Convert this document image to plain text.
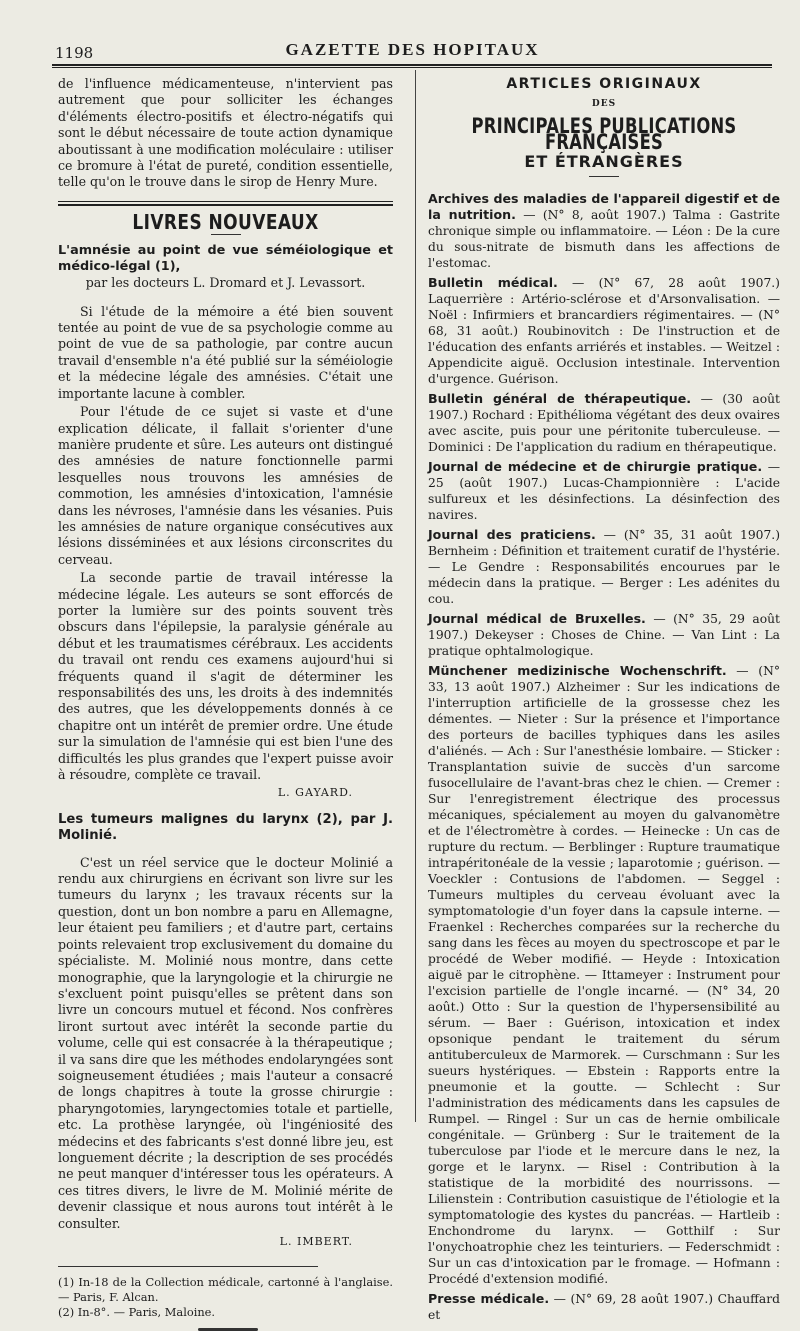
1198	GAZETTE DES HOPITAUX

de l'influence médicamenteuse, n'intervient pas autrement que pour solliciter les échanges d'éléments électro-positifs et électro-négatifs qui sont le début nécessaire de toute action dynamique aboutissant à une modification moléculaire : utiliser ce bromure à l'état de pureté, condition essentielle, telle qu'on le trouve dans le sirop de Henry Mure.

LIVRES NOUVEAUX
L'amnésie au point de vue séméiologique et médico-légal (1),
par les docteurs L. Dromard et J. Levassort.

Si l'étude de la mémoire a été bien souvent tentée au point de vue de sa psychologie comme au point de vue de sa pathologie, par contre aucun travail d'ensemble n'a été publié sur la séméiologie et la médecine légale des amnésies. C'était une importante lacune à combler.

Pour l'étude de ce sujet si vaste et d'une explication délicate, il fallait s'orienter d'une manière prudente et sûre. Les auteurs ont distingué des amnésies de nature fonctionnelle parmi lesquelles nous trouvons les amnésies de commotion, les amnésies d'intoxication, l'amnésie dans les névroses, l'amnésie dans les vésanies. Puis les amnésies de nature organique consécutives aux lésions disséminées et aux lésions circonscrites du cerveau.

La seconde partie de travail intéresse la médecine légale. Les auteurs se sont efforcés de porter la lumière sur des points souvent très obscurs dans l'épilepsie, la paralysie générale au début et les traumatismes cérébraux. Les accidents du travail ont rendu ces examens aujourd'hui si fréquents quand il s'agit de déterminer les responsabilités des uns, les droits à des indemnités des autres, que les développements donnés à ce chapitre ont un intérêt de premier ordre. Une étude sur la simulation de l'amnésie qui est bien l'une des difficultés les plus grandes que l'expert puisse avoir à résoudre, complète ce travail.

L. GAYARD.
Les tumeurs malignes du larynx (2), par J. Molinié.

C'est un réel service que le docteur Molinié a rendu aux chirurgiens en écrivant son livre sur les tumeurs du larynx ; les travaux récents sur la question, dont un bon nombre a paru en Allemagne, leur étaient peu familiers ; et d'autre part, certains points relevaient trop exclusivement du domaine du spécialiste. M. Molinié nous montre, dans cette monographie, que la laryngologie et la chirurgie ne s'excluent point puisqu'elles se prêtent dans son livre un concours mutuel et fécond. Nos confrères liront surtout avec intérêt la seconde partie du volume, celle qui est consacrée à la thérapeutique ; il va sans dire que les méthodes endolaryngées sont soigneusement étudiées ; mais l'auteur a consacré de longs chapitres à toute la grosse chirurgie : pharyngotomies, laryngectomies totale et partielle, etc. La prothèse laryngée, où l'ingéniosité des médecins et des fabricants s'est donné libre jeu, est longuement décrite ; la description de ses procédés ne peut manquer d'intéresser tous les opérateurs. A ces titres divers, le livre de M. Molinié mérite de devenir classique et nous aurons tout intérêt à le consulter.

L. IMBERT.

(1) In-18 de la Collection médicale, cartonné à l'anglaise. — Paris, F. Alcan.

(2) In-8°. — Paris, Maloine.

ARTICLES ORIGINAUX
DES
PRINCIPALES PUBLICATIONS FRANÇAISES
ET ÉTRANGÈRES

Archives des maladies de l'appareil digestif et de la nutrition. — (N° 8, août 1907.) Talma : Gastrite chronique simple ou inflammatoire. — Léon : De la cure du sous-nitrate de bismuth dans les affections de l'estomac.

Bulletin médical. — (N° 67, 28 août 1907.) Laquerrière : Artério-sclérose et d'Arsonvalisation. — Noël : Infirmiers et brancardiers régimentaires. — (N° 68, 31 août.) Roubinovitch : De l'instruction et de l'éducation des enfants arriérés et instables. — Weitzel : Appendicite aiguë. Occlusion intestinale. Intervention d'urgence. Guérison.

Bulletin général de thérapeutique. — (30 août 1907.) Rochard : Epithélioma végétant des deux ovaires avec ascite, puis pour une péritonite tuberculeuse. — Dominici : De l'application du radium en thérapeutique.

Journal de médecine et de chirurgie pratique. — 25 (août 1907.) Lucas-Championnière : L'acide sulfureux et les désinfections. La désinfection des navires.

Journal des praticiens. — (N° 35, 31 août 1907.) Bernheim : Définition et traitement curatif de l'hystérie. — Le Gendre : Responsabilités encourues par le médecin dans la pratique. — Berger : Les adénites du cou.

Journal médical de Bruxelles. — (N° 35, 29 août 1907.) Dekeyser : Choses de Chine. — Van Lint : La pratique ophtalmologique.

Münchener medizinische Wochenschrift. — (N° 33, 13 août 1907.) Alzheimer : Sur les indications de l'interruption artificielle de la grossesse chez les démentes. — Nieter : Sur la présence et l'importance des porteurs de bacilles typhiques dans les asiles d'aliénés. — Ach : Sur l'anesthésie lombaire. — Sticker : Transplantation suivie de succès d'un sarcome fusocellulaire de l'avant-bras chez le chien. — Cremer : Sur l'enregistrement électrique des processus mécaniques, spécialement au moyen du galvanomètre et de l'électromètre à cordes. — Heinecke : Un cas de rupture du rectum. — Berblinger : Rupture traumatique intrapéritonéale de la vessie ; laparotomie ; guérison. — Voeckler : Contusions de l'abdomen. — Seggel : Tumeurs multiples du cerveau évoluant avec la symptomatologie d'un foyer dans la capsule interne. — Fraenkel : Recherches comparées sur la recherche du sang dans les fèces au moyen du spectroscope et par le procédé de Weber modifié. — Heyde : Intoxication aiguë par le citrophène. — Ittameyer : Instrument pour l'excision partielle de l'ongle incarné. — (N° 34, 20 août.) Otto : Sur la question de l'hypersensibilité au sérum. — Baer : Guérison, intoxication et index opsonique pendant le traitement du sérum antituberculeux de Marmorek. — Curschmann : Sur les sueurs hystériques. — Ebstein : Rapports entre la pneumonie et la goutte. — Schlecht : Sur l'administration des médicaments dans les capsules de Rumpel. — Ringel : Sur un cas de hernie ombilicale congénitale. — Grünberg : Sur le traitement de la tuberculose par l'iode et le mercure dans le nez, la gorge et le larynx. — Risel : Contribution à la statistique de la morbidité des nourrissons. — Lilienstein : Contribution casuistique de l'étiologie et la symptomatologie des kystes du pancréas. — Hartleib : Enchondrome du larynx. — Gotthilf : Sur l'onychoatrophie chez les teinturiers. — Federschmidt : Sur un cas d'intoxication par le fromage. — Hofmann : Procédé d'extension modifié.

Presse médicale. — (N° 69, 28 août 1907.) Chauffard et
